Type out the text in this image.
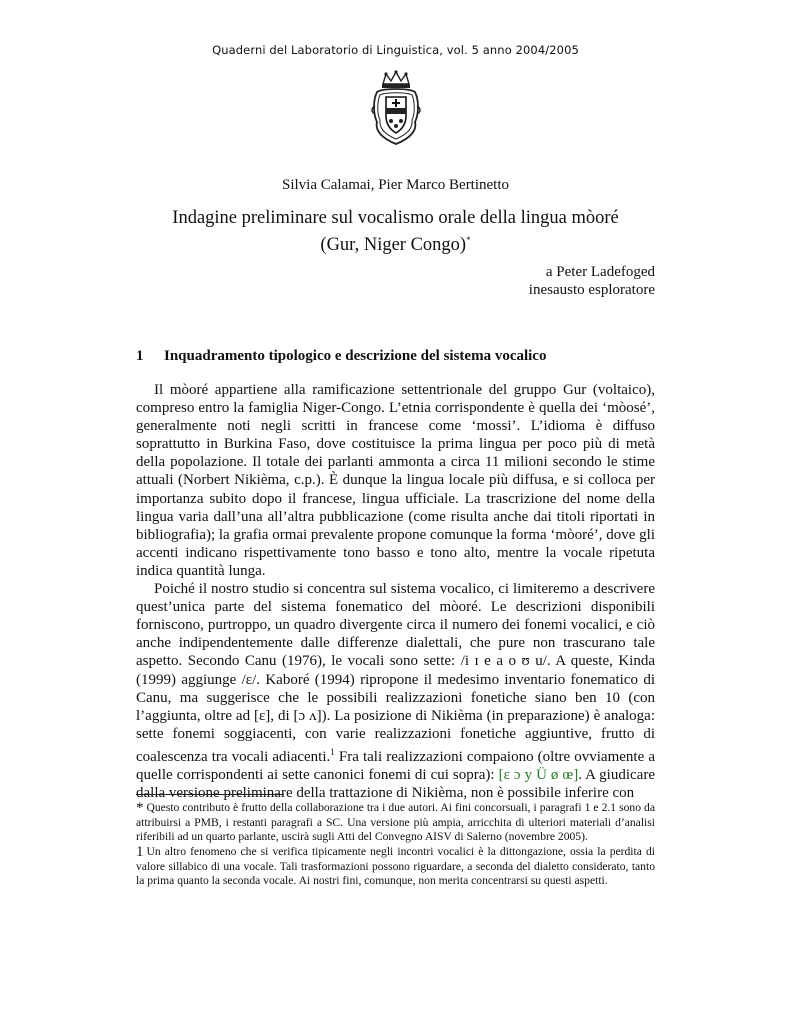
Quaderni del Laboratorio di Linguistica, vol. 5 anno 2004/2005
Silvia Calamai, Pier Marco Bertinetto
Indagine preliminare sul vocalismo orale della lingua mòoré
(Gur, Niger Congo)*
a Peter Ladefoged
inesausto esploratore
1 Inquadramento tipologico e descrizione del sistema vocalico

Il mòoré appartiene alla ramificazione settentrionale del gruppo Gur (voltaico), compreso entro la famiglia Niger-Congo. L’etnia corrispondente è quella dei ‘mòosé’, generalmente noti negli scritti in francese come ‘mossi’. L’idioma è diffuso soprattutto in Burkina Faso, dove costituisce la prima lingua per poco più di metà della popolazione. Il totale dei parlanti ammonta a circa 11 milioni secondo le stime attuali (Norbert Nikièma, c.p.). È dunque la lingua locale più diffusa, e si colloca per importanza subito dopo il francese, lingua ufficiale. La trascrizione del nome della lingua varia dall’una all’altra pubblicazione (come risulta anche dai titoli riportati in bibliografia); la grafia ormai prevalente propone comunque la forma ‘mòoré’, dove gli accenti indicano rispettivamente tono basso e tono alto, mentre la vocale ripetuta indica quantità lunga.

Poiché il nostro studio si concentra sul sistema vocalico, ci limiteremo a descrivere quest’unica parte del sistema fonematico del mòoré. Le descrizioni disponibili forniscono, purtroppo, un quadro divergente circa il numero dei fonemi vocalici, e ciò anche indipendentemente dalle differenze dialettali, che pure non trascurano tale aspetto. Secondo Canu (1976), le vocali sono sette: /i ɪ e a o ʊ u/. A queste, Kinda (1999) aggiunge /ɛ/. Kaboré (1994) ripropone il medesimo inventario fonematico di Canu, ma suggerisce che le possibili realizzazioni fonetiche siano ben 10 (con l’aggiunta, oltre ad [ɛ], di [ɔ ʌ]). La posizione di Nikièma (in preparazione) è analoga: sette fonemi soggiacenti, con varie realizzazioni fonetiche aggiuntive, frutto di coalescenza tra vocali adiacenti.$^1$ Fra tali realizzazioni compaiono (oltre ovviamente a quelle corrispondenti ai sette canonici fonemi di cui sopra): [ɛ ɔ y Ü ø œ]. A giudicare dalla versione preliminare della trattazione di Nikièma, non è possibile inferire con

* Questo contributo è frutto della collaborazione tra i due autori. Ai fini concorsuali, i paragrafi 1 e 2.1 sono da attribuirsi a PMB, i restanti paragrafi a SC. Una versione più ampia, arricchita di ulteriori materiali d’analisi riferibili ad un quarto parlante, uscirà sugli Atti del Convegno AISV di Salerno (novembre 2005).

1 Un altro fenomeno che si verifica tipicamente negli incontri vocalici è la dittongazione, ossia la perdita di valore sillabico di una vocale. Tali trasformazioni possono riguardare, a seconda del dialetto considerato, tanto la prima quanto la seconda vocale. Ai nostri fini, comunque, non merita concentrarsi su questi aspetti.
